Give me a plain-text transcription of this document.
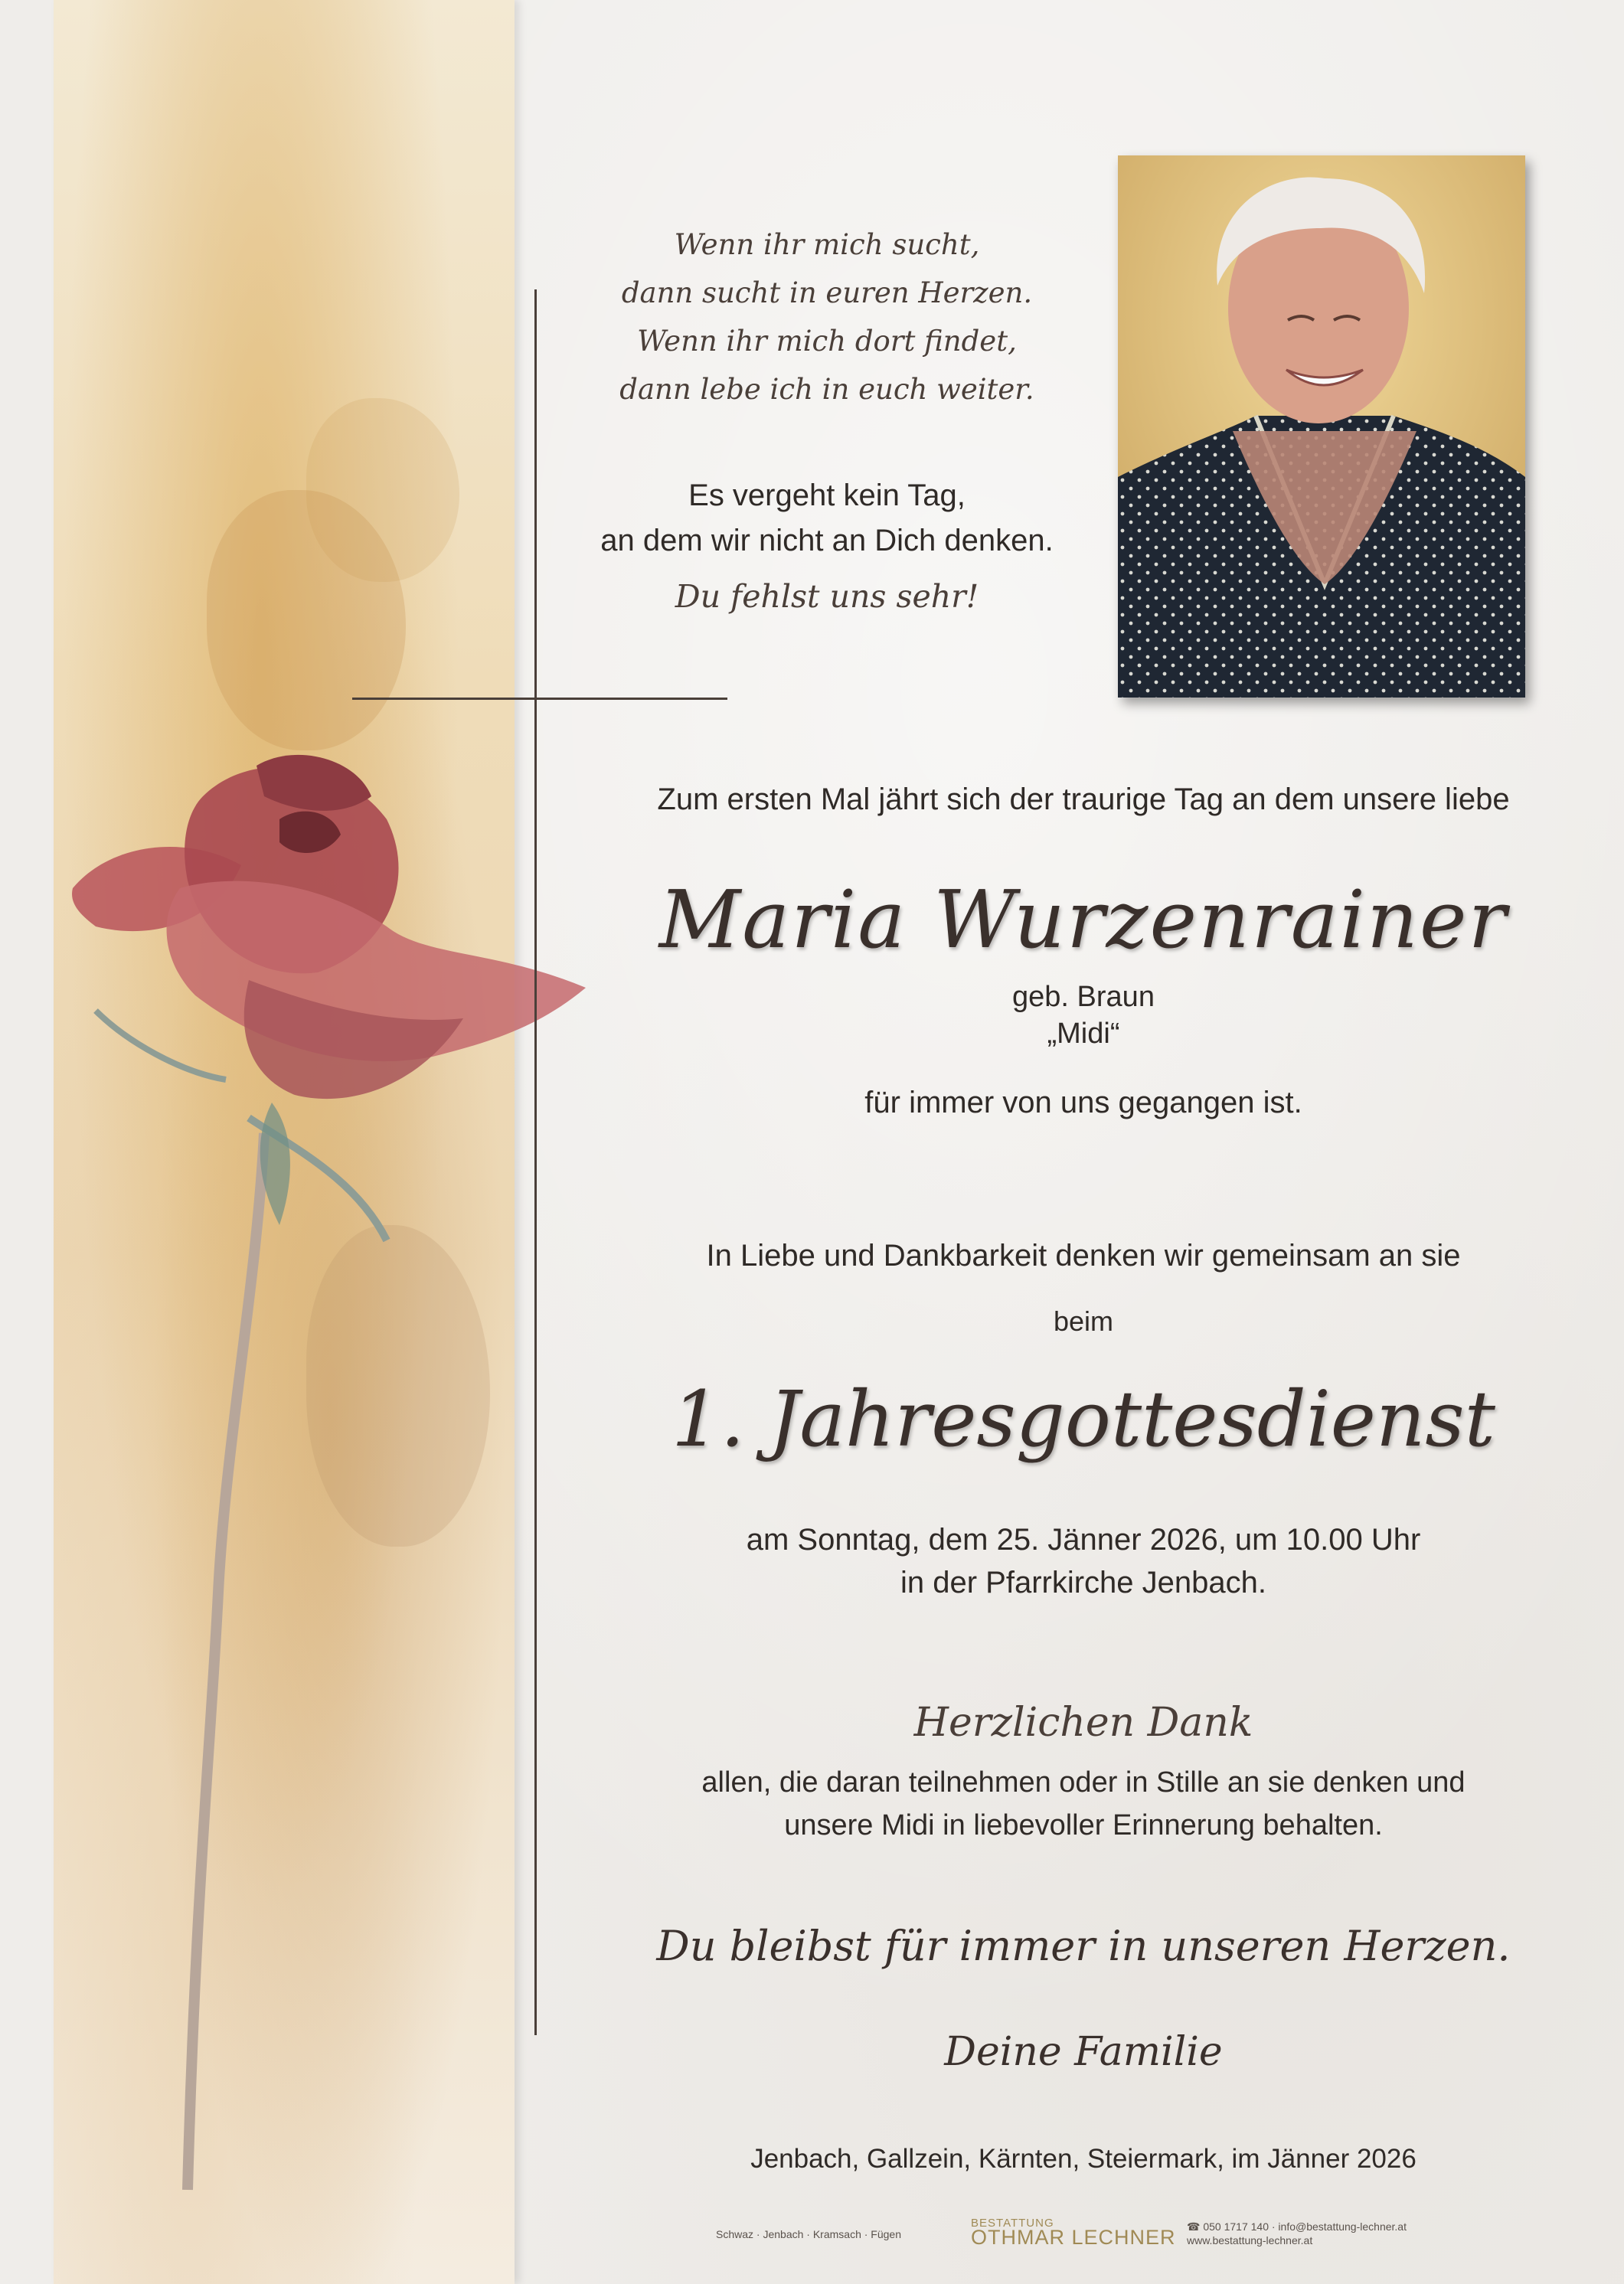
Wenn ihr mich sucht,
dann sucht in euren Herzen.
Wenn ihr mich dort findet,
dann lebe ich in euch weiter.
Es vergeht kein Tag,
an dem wir nicht an Dich denken.
Du fehlst uns sehr!
Zum ersten Mal jährt sich der traurige Tag an dem unsere liebe
Maria Wurzenrainer
geb. Braun
„Midi“
für immer von uns gegangen ist.
In Liebe und Dankbarkeit denken wir gemeinsam an sie
beim
1. Jahresgottesdienst
am Sonntag, dem 25. Jänner 2026, um 10.00 Uhr
in der Pfarrkirche Jenbach.
Herzlichen Dank
allen, die daran teilnehmen oder in Stille an sie denken und
unsere Midi in liebevoller Erinnerung behalten.
Du bleibst für immer in unseren Herzen.
Deine Familie
Jenbach, Gallzein, Kärnten, Steiermark, im Jänner 2026
Schwaz · Jenbach · Kramsach · Fügen
BESTATTUNG
OTHMAR LECHNER ☎ 050 1717 140 · info@bestattung-lechner.at
www.bestattung-lechner.at
